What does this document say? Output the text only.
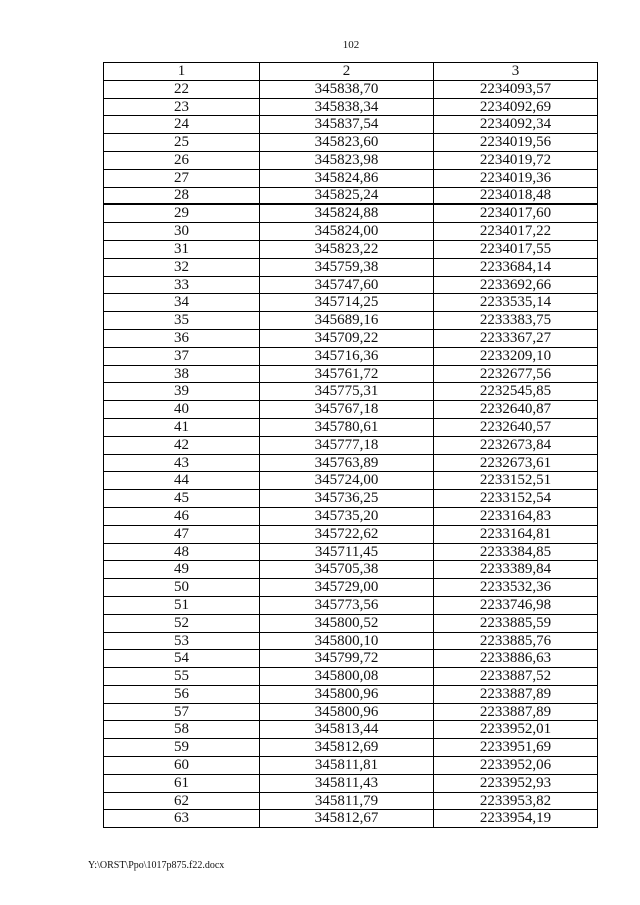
102
1	2	3
22	345838,70	2234093,57
23	345838,34	2234092,69
24	345837,54	2234092,34
25	345823,60	2234019,56
26	345823,98	2234019,72
27	345824,86	2234019,36
28	345825,24	2234018,48
29	345824,88	2234017,60
30	345824,00	2234017,22
31	345823,22	2234017,55
32	345759,38	2233684,14
33	345747,60	2233692,66
34	345714,25	2233535,14
35	345689,16	2233383,75
36	345709,22	2233367,27
37	345716,36	2233209,10
38	345761,72	2232677,56
39	345775,31	2232545,85
40	345767,18	2232640,87
41	345780,61	2232640,57
42	345777,18	2232673,84
43	345763,89	2232673,61
44	345724,00	2233152,51
45	345736,25	2233152,54
46	345735,20	2233164,83
47	345722,62	2233164,81
48	345711,45	2233384,85
49	345705,38	2233389,84
50	345729,00	2233532,36
51	345773,56	2233746,98
52	345800,52	2233885,59
53	345800,10	2233885,76
54	345799,72	2233886,63
55	345800,08	2233887,52
56	345800,96	2233887,89
57	345800,96	2233887,89
58	345813,44	2233952,01
59	345812,69	2233951,69
60	345811,81	2233952,06
61	345811,43	2233952,93
62	345811,79	2233953,82
63	345812,67	2233954,19
Y:\ORST\Ppo\1017p875.f22.docx
